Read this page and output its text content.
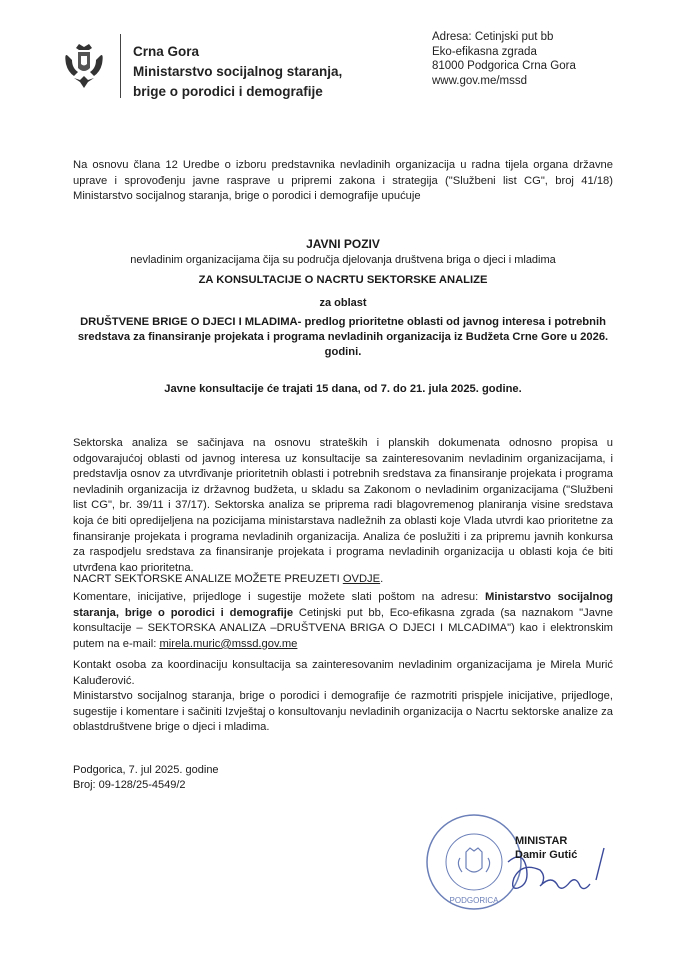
Crna Gora
Ministarstvo socijalnog staranja,
brige o porodici i demografije
Adresa: Cetinjski put bb
Eko-efikasna zgrada
81000 Podgorica Crna Gora
www.gov.me/mssd
Na osnovu člana 12 Uredbe o izboru predstavnika nevladinih organizacija u radna tijela organa državne uprave i sprovođenju javne rasprave u pripremi zakona i strategija ("Službeni list CG", broj 41/18) Ministarstvo socijalnog staranja, brige o porodici i demografije upućuje
JAVNI POZIV
nevladinim organizacijama čija su područja djelovanja društvena briga o djeci i mladima
ZA KONSULTACIJE O NACRTU SEKTORSKE ANALIZE
za oblast
DRUŠTVENE BRIGE O DJECI I MLADIMA- predlog prioritetne oblasti od javnog interesa i potrebnih sredstava za finansiranje projekata i programa nevladinih organizacija iz Budžeta Crne Gore u 2026. godini.
Javne konsultacije će trajati 15 dana, od 7. do 21. jula 2025. godine.
Sektorska analiza se sačinjava na osnovu strateških i planskih dokumenata odnosno propisa u odgovarajućoj oblasti od javnog interesa uz konsultacije sa zainteresovanim nevladinim organizacijama, i predstavlja osnov za utvrđivanje prioritetnih oblasti i potrebnih sredstava za finansiranje projekata i programa nevladinih organizacija iz državnog budžeta, u skladu sa Zakonom o nevladinim organizacijama ("Službeni list CG", br. 39/11 i 37/17). Sektorska analiza se priprema radi blagovremenog planiranja visine sredstava koja će biti opredijeljena na pozicijama ministarstava nadležnih za oblasti koje Vlada utvrdi kao prioritetne za finansiranje projekata i programa nevladinih organizacija. Analiza će poslužiti i za pripremu javnih konkursa za raspodjelu sredstava za finansiranje projekata i programa nevladinih organizacija u oblasti koja će biti utvrđena kao prioritetna.
NACRT SEKTORSKE ANALIZE MOŽETE PREUZETI OVDJE.
Komentare, inicijative, prijedloge i sugestije možete slati poštom na adresu: Ministarstvo socijalnog staranja, brige o porodici i demografije Cetinjski put bb, Eco-efikasna zgrada (sa naznakom "Javne konsultacije – SEKTORSKA ANALIZA –DRUŠTVENA BRIGA O DJECI I MLCADIMA") kao i elektronskim putem na e-mail: mirela.muric@mssd.gov.me
Kontakt osoba za koordinaciju konsultacija sa zainteresovanim nevladinim organizacijama je Mirela Murić Kaluđerović.
Ministarstvo socijalnog staranja, brige o porodici i demografije će razmotriti prispjele inicijative, prijedloge, sugestije i komentare i sačiniti Izvještaj o konsultovanju nevladinih organizacija o Nacrtu sektorske analize za oblastdruštvene brige o djeci i mladima.
Podgorica, 7. jul 2025. godine
Broj: 09-128/25-4549/2
PODGORICA
MINISTAR
Damir Gutić
